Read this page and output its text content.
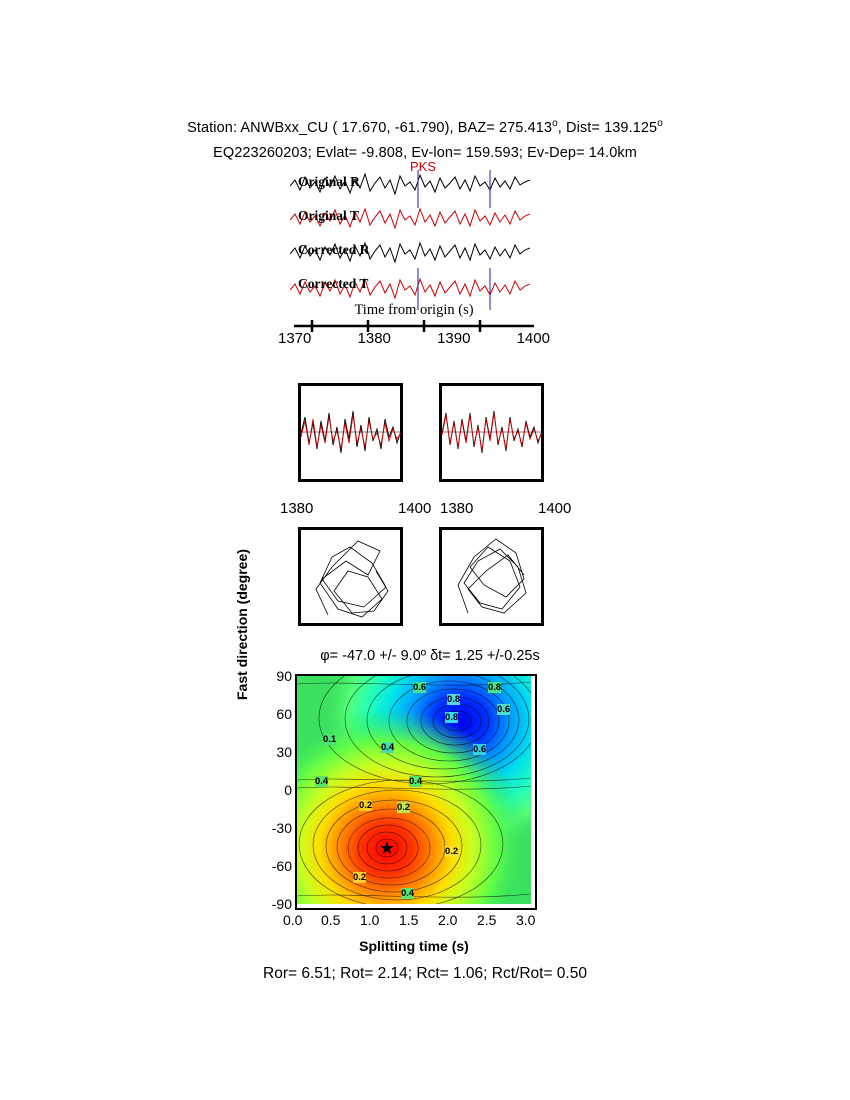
Station: ANWBxx_CU ( 17.670, -61.790), $BAZ= 275.413^o$, Dist= $139.125^o$
EQ223260203; Evlat= -9.808, Ev-lon= 159.593; Ev-Dep= 14.0km
Original R
Original T
Corrected R
Corrected T
PKS
Time from origin (s)
1370	1380	1390	1400
1380	1400 1380	1400
φ= -47.0 +/- 9.0º δt= 1.25 +/-0.25s
Fast direction (degree) 90
60
30
0
-30
-60
-90
★
0.6
0.8
0.8
0.6
0.8
0.6
0.1
0.4
0.4	0.4
0.2	0.2
0.2
0.2
0.4
0.0 0.5 1.0 1.5 2.0 2.5 3.0
Splitting time (s)
Ror= 6.51; Rot= 2.14; Rct= 1.06; Rct/Rot= 0.50
